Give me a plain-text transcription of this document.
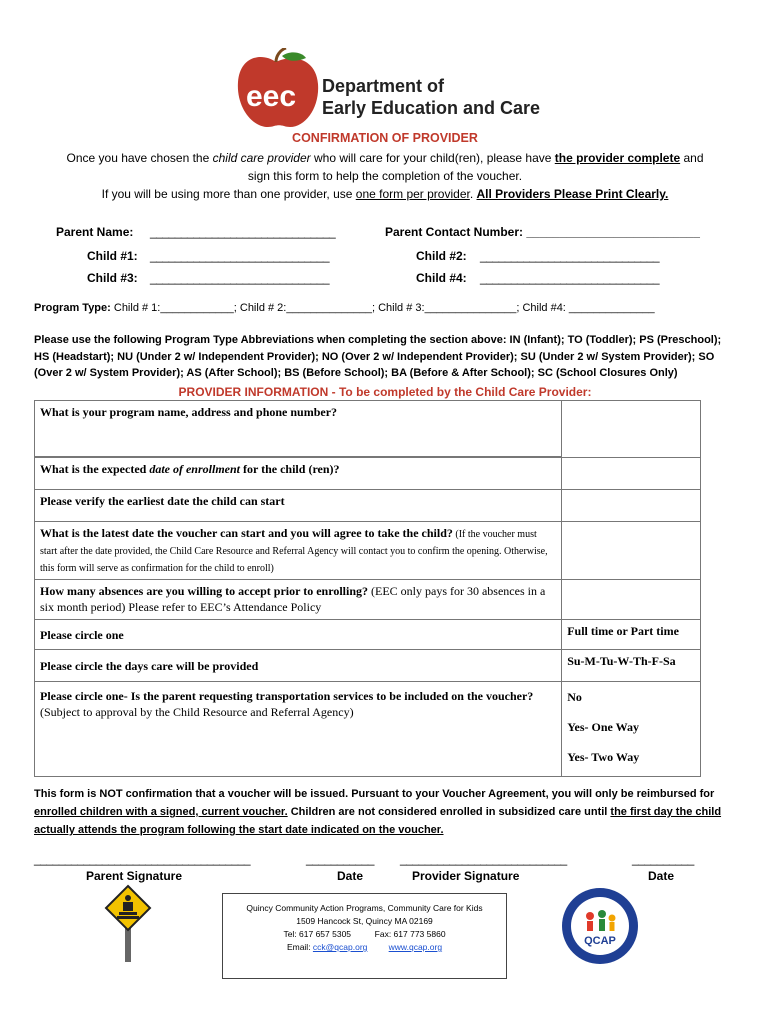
eec Department of
Early Education and Care
CONFIRMATION OF PROVIDER
Once you have chosen the child care provider who will care for your child(ren), please have the provider complete and
sign this form to help the completion of the voucher.
If you will be using more than one provider, use one form per provider. All Providers Please Print Clearly.
Parent Name: ______________________________	Parent Contact Number: __________________________
Child #1: _____________________________	Child #2: _____________________________
Child #3: _____________________________	Child #4: _____________________________
Program Type: Child # 1:____________; Child # 2:______________; Child # 3:_______________; Child #4: ______________
Please use the following Program Type Abbreviations when completing the section above: IN (Infant); TO (Toddler); PS (Preschool); HS (Headstart); NU (Under 2 w/ Independent Provider); NO (Over 2 w/ Independent Provider); SU (Under 2 w/ System Provider); SO (Over 2 w/ System Provider); AS (After School); BS (Before School); BA (Before & After School); SC (School Closures Only)
PROVIDER INFORMATION - To be completed by the Child Care Provider:
What is your program name, address and phone number?	

What is the expected date of enrollment for the child (ren)?	
Please verify the earliest date the child can start	
What is the latest date the voucher can start and you will agree to take the child? (If the voucher must start after the date provided, the Child Care Resource and Referral Agency will contact you to confirm the opening. Otherwise, this form will serve as confirmation for the child to enroll)	
How many absences are you willing to accept prior to enrolling? (EEC only pays for 30 absences in a six month period) Please refer to EEC’s Attendance Policy	
Please circle one	Full time or Part time
Please circle the days care will be provided	Su-M-Tu-W-Th-F-Sa
Please circle one- Is the parent requesting transportation services to be included on the voucher? (Subject to approval by the Child Resource and Referral Agency)	No
Yes- One Way
Yes- Two Way
This form is NOT confirmation that a voucher will be issued. Pursuant to your Voucher Agreement, you will only be reimbursed for enrolled children with a signed, current voucher. Children are not considered enrolled in subsidized care until the first day the child actually attends the program following the start date indicated on the voucher.
___________________________________	___________ ___________________________	__________
Parent Signature	Date	Provider Signature	Date
Quincy Community Action Programs, Community Care for Kids
1509 Hancock St, Quincy MA 02169
Tel: 617 657 5305	Fax: 617 773 5860
Email: cck@qcap.org	www.qcap.org	QCAP
